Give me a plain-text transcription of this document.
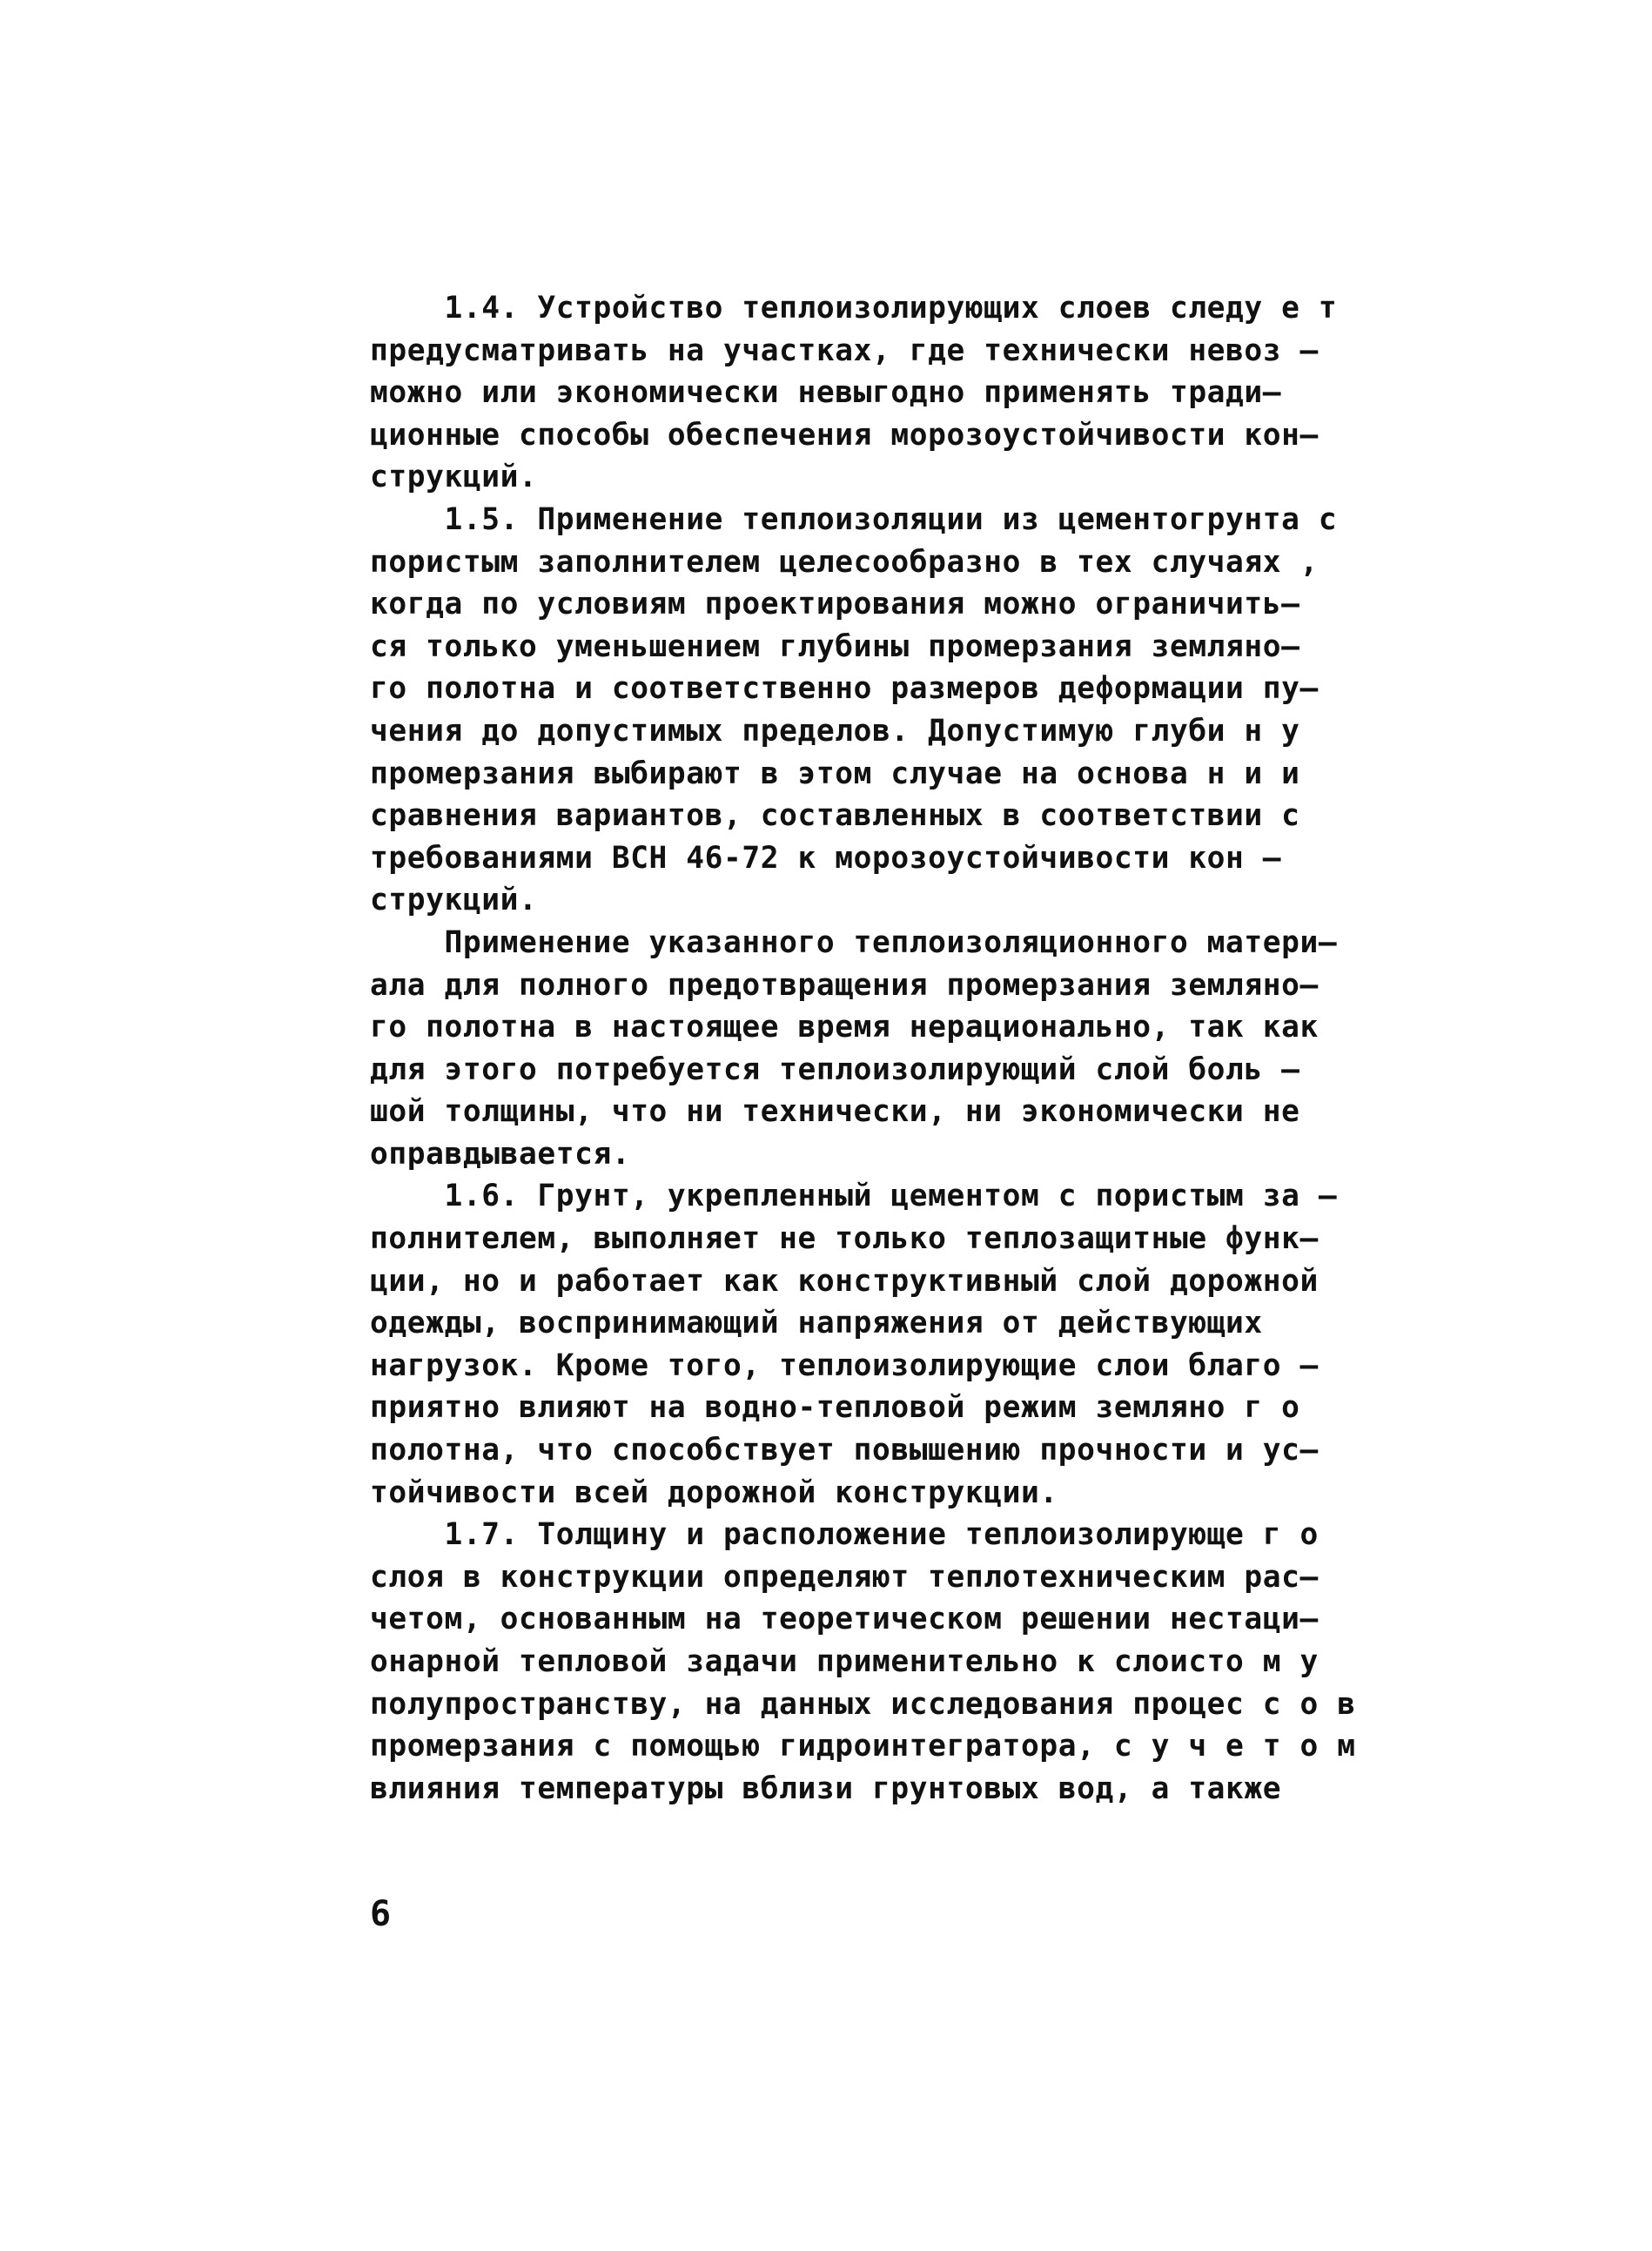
1.4. Устройство теплоизолирующих слоев следу е т
предусматривать на участках, где технически невоз –
можно или экономически невыгодно применять тради–
ционные способы обеспечения морозоустойчивости кон–
струкций.
1.5. Применение теплоизоляции из цементогрунта с
пористым заполнителем целесообразно в тех случаях ,
когда по условиям проектирования можно ограничить–
ся только уменьшением глубины промерзания земляно–
го полотна и соответственно размеров деформации пу–
чения до допустимых пределов. Допустимую глуби н у
промерзания выбирают в этом случае на основа н и и
сравнения вариантов, составленных в соответствии с
требованиями ВСН 46-72 к морозоустойчивости кон –
струкций.
Применение указанного теплоизоляционного матери–
ала для полного предотвращения промерзания земляно–
го полотна в настоящее время нерационально, так как
для этого потребуется теплоизолирующий слой боль –
шой толщины, что ни технически, ни экономически не
оправдывается.
1.6. Грунт, укрепленный цементом с пористым за –
полнителем, выполняет не только теплозащитные функ–
ции, но и работает как конструктивный слой дорожной
одежды, воспринимающий напряжения от действующих
нагрузок. Кроме того, теплоизолирующие слои благо –
приятно влияют на водно-тепловой режим земляно г о
полотна, что способствует повышению прочности и ус–
тойчивости всей дорожной конструкции.
1.7. Толщину и расположение теплоизолирующе г о
слоя в конструкции определяют теплотехническим рас–
четом, основанным на теоретическом решении нестаци–
онарной тепловой задачи применительно к слоисто м у
полупространству, на данных исследования процес с о в
промерзания с помощью гидроинтегратора, с у ч е т о м
влияния температуры вблизи грунтовых вод, а также
6
